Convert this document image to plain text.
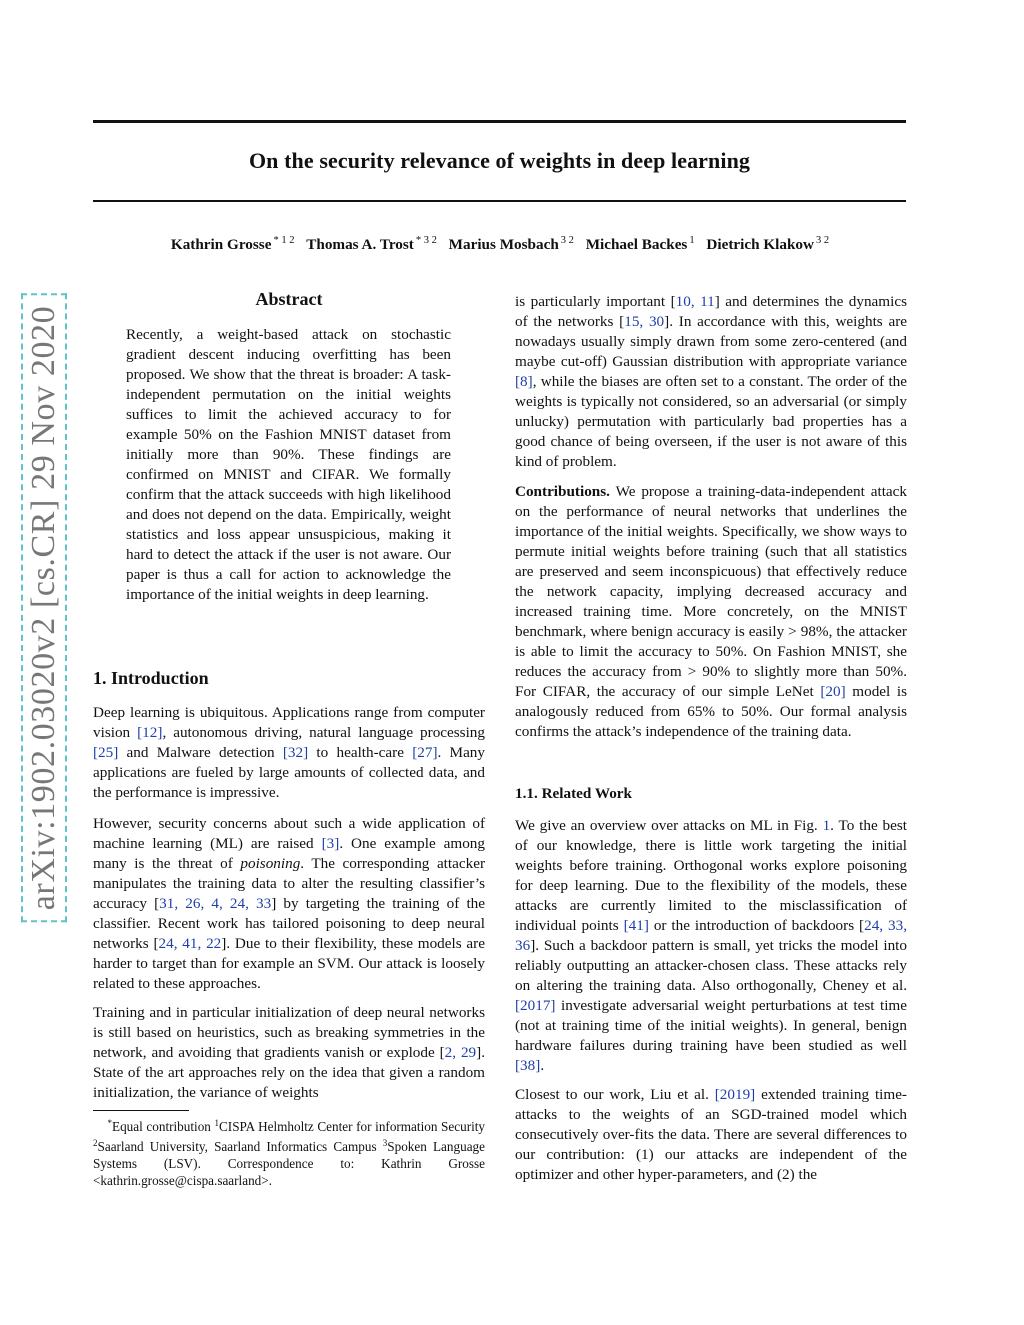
arXiv:1902.03020v2 [cs.CR] 29 Nov 2020
On the security relevance of weights in deep learning
Kathrin Grosse $^{* 1 2}$ Thomas A. Trost $^{* 3 2}$ Marius Mosbach $^{3 2}$ Michael Backes $^1$ Dietrich Klakow $^{3 2}$
Abstract
Recently, a weight-based attack on stochastic gradient descent inducing overfitting has been proposed. We show that the threat is broader: A task-independent permutation on the initial weights suffices to limit the achieved accuracy to for example 50% on the Fashion MNIST dataset from initially more than 90%. These findings are confirmed on MNIST and CIFAR. We formally confirm that the attack succeeds with high likelihood and does not depend on the data. Empirically, weight statistics and loss appear unsuspicious, making it hard to detect the attack if the user is not aware. Our paper is thus a call for action to acknowledge the importance of the initial weights in deep learning.
1. Introduction

Deep learning is ubiquitous. Applications range from computer vision [12], autonomous driving, natural language processing [25] and Malware detection [32] to health-care [27]. Many applications are fueled by large amounts of collected data, and the performance is impressive.

However, security concerns about such a wide application of machine learning (ML) are raised [3]. One example among many is the threat of poisoning. The corresponding attacker manipulates the training data to alter the resulting classifier’s accuracy [31, 26, 4, 24, 33] by targeting the training of the classifier. Recent work has tailored poisoning to deep neural networks [24, 41, 22]. Due to their flexibility, these models are harder to target than for example an SVM. Our attack is loosely related to these approaches.

Training and in particular initialization of deep neural networks is still based on heuristics, such as breaking symmetries in the network, and avoiding that gradients vanish or explode [2, 29]. State of the art approaches rely on the idea that given a random initialization, the variance of weights

*Equal contribution $^1$CISPA Helmholtz Center for information Security $^2$Saarland University, Saarland Informatics Campus $^3$Spoken Language Systems (LSV). Correspondence to: Kathrin Grosse <kathrin.grosse@cispa.saarland>.

is particularly important [10, 11] and determines the dynamics of the networks [15, 30]. In accordance with this, weights are nowadays usually simply drawn from some zero-centered (and maybe cut-off) Gaussian distribution with appropriate variance [8], while the biases are often set to a constant. The order of the weights is typically not considered, so an adversarial (or simply unlucky) permutation with particularly bad properties has a good chance of being overseen, if the user is not aware of this kind of problem.

Contributions. We propose a training-data-independent attack on the performance of neural networks that underlines the importance of the initial weights. Specifically, we show ways to permute initial weights before training (such that all statistics are preserved and seem inconspicuous) that effectively reduce the network capacity, implying decreased accuracy and increased training time. More concretely, on the MNIST benchmark, where benign accuracy is easily > 98%, the attacker is able to limit the accuracy to 50%. On Fashion MNIST, she reduces the accuracy from > 90% to slightly more than 50%. For CIFAR, the accuracy of our simple LeNet [20] model is analogously reduced from 65% to 50%. Our formal analysis confirms the attack’s independence of the training data.

1.1. Related Work

We give an overview over attacks on ML in Fig. 1. To the best of our knowledge, there is little work targeting the initial weights before training. Orthogonal works explore poisoning for deep learning. Due to the flexibility of the models, these attacks are currently limited to the misclassification of individual points [41] or the introduction of backdoors [24, 33, 36]. Such a backdoor pattern is small, yet tricks the model into reliably outputting an attacker-chosen class. These attacks rely on altering the training data. Also orthogonally, Cheney et al. [2017] investigate adversarial weight perturbations at test time (not at training time of the initial weights). In general, benign hardware failures during training have been studied as well [38].

Closest to our work, Liu et al. [2019] extended training time-attacks to the weights of an SGD-trained model which consecutively over-fits the data. There are several differences to our contribution: (1) our attacks are independent of the optimizer and other hyper-parameters, and (2) the
